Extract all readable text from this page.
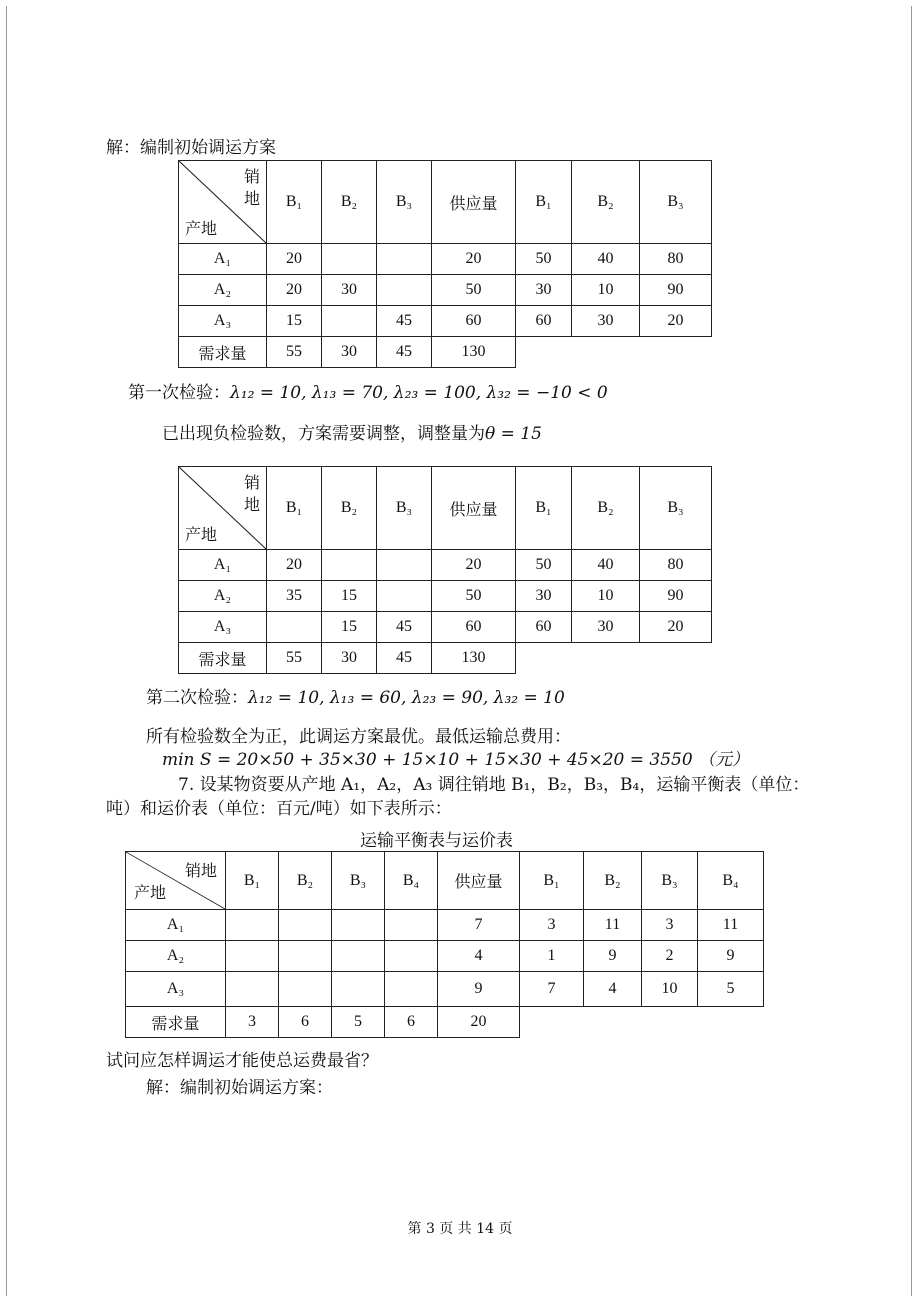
解：编制初始调运方案
销
地
产地	B₁	B₂	B₃	供应量	B₁	B₂	B₃
A₁	20			20	50	40	80
A₂	20	30		50	30	10	90
A₃	15		45	60	60	30	20
需求量	55	30	45	130			
第一次检验：λ₁₂ = 10, λ₁₃ = 70, λ₂₃ = 100, λ₃₂ = −10 < 0
已出现负检验数，方案需要调整，调整量为θ = 15
销
地
产地	B₁	B₂	B₃	供应量	B₁	B₂	B₃
A₁	20			20	50	40	80
A₂	35	15		50	30	10	90
A₃		15	45	60	60	30	20
需求量	55	30	45	130			
第二次检验：λ₁₂ = 10, λ₁₃ = 60, λ₂₃ = 90, λ₃₂ = 10
所有检验数全为正，此调运方案最优。最低运输总费用：
min S = 20×50 + 35×30 + 15×10 + 15×30 + 45×20 = 3550 （元）
7. 设某物资要从产地 A₁，A₂，A₃ 调往销地 B₁，B₂，B₃，B₄，运输平衡表（单位：
吨）和运价表（单位：百元/吨）如下表所示：
运输平衡表与运价表
销地
产地	B₁	B₂	B₃	B₄	供应量	B₁	B₂	B₃	B₄
A₁					7	3	11	3	11
A₂					4	1	9	2	9
A₃					9	7	4	10	5
需求量	3	6	5	6	20				
试问应怎样调运才能使总运费最省？
解：编制初始调运方案：
第 3 页 共 14 页
